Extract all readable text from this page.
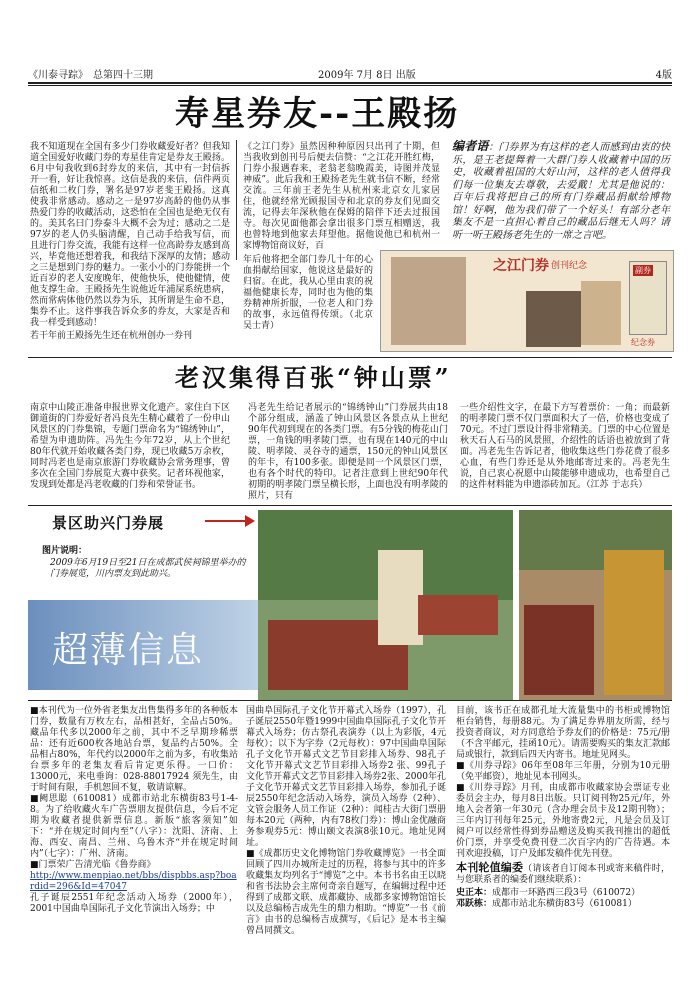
《川泰寻踪》 总第四十三期	2009年 7月 8日 出版	4版
寿星券友--王殿扬
我不知道现在全国有多少门券收藏爱好者？但我知道全国爱好收藏门券的寿星佳肯定是券友王殿扬。6月中旬我收到6封券友的来信，其中有一封信拆开一看，好让我惊喜。这信是我的来信，信件两页信纸和二枚门券，署名是97岁老斐王殿扬。这真使我非常感动。感动之一是97岁高龄的他仍从事热爱门券的收藏活动，这恐怕在全国也是绝无仅有的。美其名曰门券泰斗大概不会为过；感动之二是97岁的老人仍头脑清醒，自己动手给我写信，而且进行门券交流，我能有这样一位高龄券友感到高兴，毕竟他还想着我，和我结下深厚的友情；感动之三是想到门券的魅力。一张小小的门券能拼一个近百岁的老人安度晚年，使他快乐，使他健情，使他支撑生命。王殿扬先生说他近年浦屎系统患病，然而常病体他仍然以券为乐，其所谓是生命不息，集券不止。这件事我告诉众多的券友，大家是否和我一样受到感动！
若干年前王殿扬先生还在杭州创办一券刊
《之江门券》虽然因种种原因只出刊了十期，但当我收到创刊号后便去信赞：“之江花开胜红梅，门券小报遇春来，老翁老翁晚霞美，诗图并茂显神威”。此后我和王殿扬老先生就书信不断，经常交流。三年前王老先生从杭州来北京女儿家居住，他就经常光顾报国寺和北京的券友们见面交流，记得去年深秋他在保姆的陪伴下还去过报国寺。每次见面他都会拿出很多门票互相赠送，我也曾特地到他家去拜望他。据他说他已和杭州一家博物馆商议好，百
年后他将把全部门券几十年的心血捐献给国家，他说这是最好的归宿。在此，我从心里由衷的祝福他健康长寿，同时也为他的集券精神所折服，一位老人和门券的故事，永远值得传颂。（北京 吴士青）
编者语：门券界为有这样的老人而感到由衷的快乐，是王老提舞着一大群门券人收藏着中国的历史，收藏着祖国的大好山河，这样的老人值得我们每一位集友去尊敬，去爱戴！尤其是他说的：百年后我将把自己的所有门券藏品捐献给博物馆！好啊，他为我们带了一个好头！有部分老年集友不是一直担心着自己的藏品后继无人吗？请听一听王殿扬老先生的一席之言吧。
之江门券 创刊纪念	副券
纪念券
老汉集得百张“钟山票”
南京中山陵正准备申报世界文化遗产。家住白下区御道街的门券爱好者冯良先生精心藏着了一份申山风景区的门券集锦，专题门票命名为“锦绣钟山”，希望为申遗助阵。冯先生今年72岁，从上个世纪80年代就开始收藏各类门券，现已收藏5万余枚，同时冯老也是南京旅游门券收藏协会常务理事，曾多次在全国门券展览大赛中获奖。记者环视他家，发现到处都是冯老收藏的门券和荣誉证书。
冯老先生给记者展示的“锦绣钟山”门券展共由18个部分组成，涵盖了钟山风景区各景点从上世纪90年代初到现在的各类门票。有5分钱的梅花山门票，一角钱的明孝陵门票，也有现在140元的中山陵、明孝陵、灵谷寺的通票，150元的钟山风景区的年卡，有100多张。即便是同一个风景区门票，也有各个时代的特印。记者注意到上世纪90年代初期的明孝陵门票呈横长形，上面也没有明孝陵的照片，只有
一些介绍性文字，在最下方写着票价：一角；而最新的明孝陵门票不仅门票面积大了一倍，价格也变成了70元。不过门票设计得非常精美。门票的中心位置是秋天石人石马的风景照，介绍性的话语也被放到了背面。冯老先生告诉记者，他收集这些门券花费了很多心血，有些门券还是从外地邮寄过来的。冯老先生说，自己衷心祝愿中山陵能够申遗成功，也希望自己的这件材料能为申遗添砖加瓦。（江苏 于志兵）
景区助兴门券展
图片说明：
2009年6月19日至21日在成都武侯祠锦里举办的门券展览，川内票友到此助兴。
超薄信息
■本刊代为一位外省老集友出售集得多年的各种版本门券，数量有万枚左右，品相甚好，全品占50%。藏品年代多以2000年之前，其中不乏早期珍稀票品：还有近600枚各地站台票，复品约占50%。全品相占80%，年代约以2000年之前为多，有收集站台票多年的老集友看后肯定更乐得。一口价：13000元，来电垂询：028-88017924 须先生，由于时间有限，手机恕回不复，敬请谅解。
■阙思聪（610081）成都市站北东横街83号1-4-8。为了给收藏火车广告票朋友提供信息，今后不定期为收藏者提供新票信息。新版“旅客须知”如下：“并在规定时间内至”（八字）：沈阳、济南、上海、西安、南昌、兰州、乌鲁木齐“并在规定时间内”（七字）：广州、济南。
■门票荣广告清光临《鲁券商》
http://www.menpiao.net/bbs/dispbbs.asp?boardid=296&Id=47047
孔子诞辰2551年纪念活动入场券（2000年），2001中国曲阜国际孔子文化节演出入场券；中
国曲阜国际孔子文化节开幕式入场券（1997），孔子诞辰2550年暨1999中国曲阜国际孔子文化节开幕式入场券；仿古祭孔表演券（以上为彩版，4元每枚）；以下为字券（2元每枚）：97中国曲阜国际孔子文化节开幕式文艺节目彩排入场券、98孔子文化节开幕式文艺节目彩排入场券2 张、99孔子文化节开幕式文艺节目彩排入场券2张、2000年孔子文化节开幕式文艺节目彩排入场券，参加孔子诞辰2550年纪念活动入场券，演员入场券（2种）、文管会服务人员工作证（2种）：闻桂古大街门票册每本20元（两种，内有78枚门券）：博山金优融商务参观券5元：博山颐文表演8张10元。地址见网址。
■《成都历史文化博物馆门券收藏博览》一书全面回顾了四川办城所走过的历程，将参与其中的许多收藏集友均列名于“博览”之中。本书书名由王以晓和省书法协会主席何奇亲自题写，在编辑过程中还得到了成都文联、成都藏协、成都多家博物馆馆长以及总编杨吉成先生的鼎力相助。“博览”一书《前言》由书的总编杨吉成撰写，《后记》是本书主编曾昌同撰文。
目前，该书正在成都孔址大流量集中的书柜或博物馆柜台销售，每册88元。为了满足券界朋友所需，经与投资者商议，对方同意给予券友们的价格是：75元/册（不含平邮元，挂函10元）。请需要购买的集友汇款邮局或银行，款到后四天内寄书。地址见网头。
■《川券寻踪》06年至08年三年册，分别为10元册（免平邮资），地址见本刊网头。
■《川券寻踪》月刊，由成都市收藏家协会票证专业委员会主办，每月8日出版。只订阅刊物25元/年，外地入会者第一年30元（含办理会员卡及12期刊物）；三年内订刊每年25元，外地寄费2元，凡是会员及订阅户可以经常性得到券品赠送及购买我刊推出的超低价门票，并享受免费刊登二次百字内的广告待遇。本刊欢迎投稿，订户及邮发稿件优先刊登。
本刊轮值编委（请该者自订阅本刊或寄来稿件时，与您联系者的编委们继续联系）：
史正本：成都市一环路西三段3号（610072）
邓跃栋：成都市站北东横街83号（610081）
